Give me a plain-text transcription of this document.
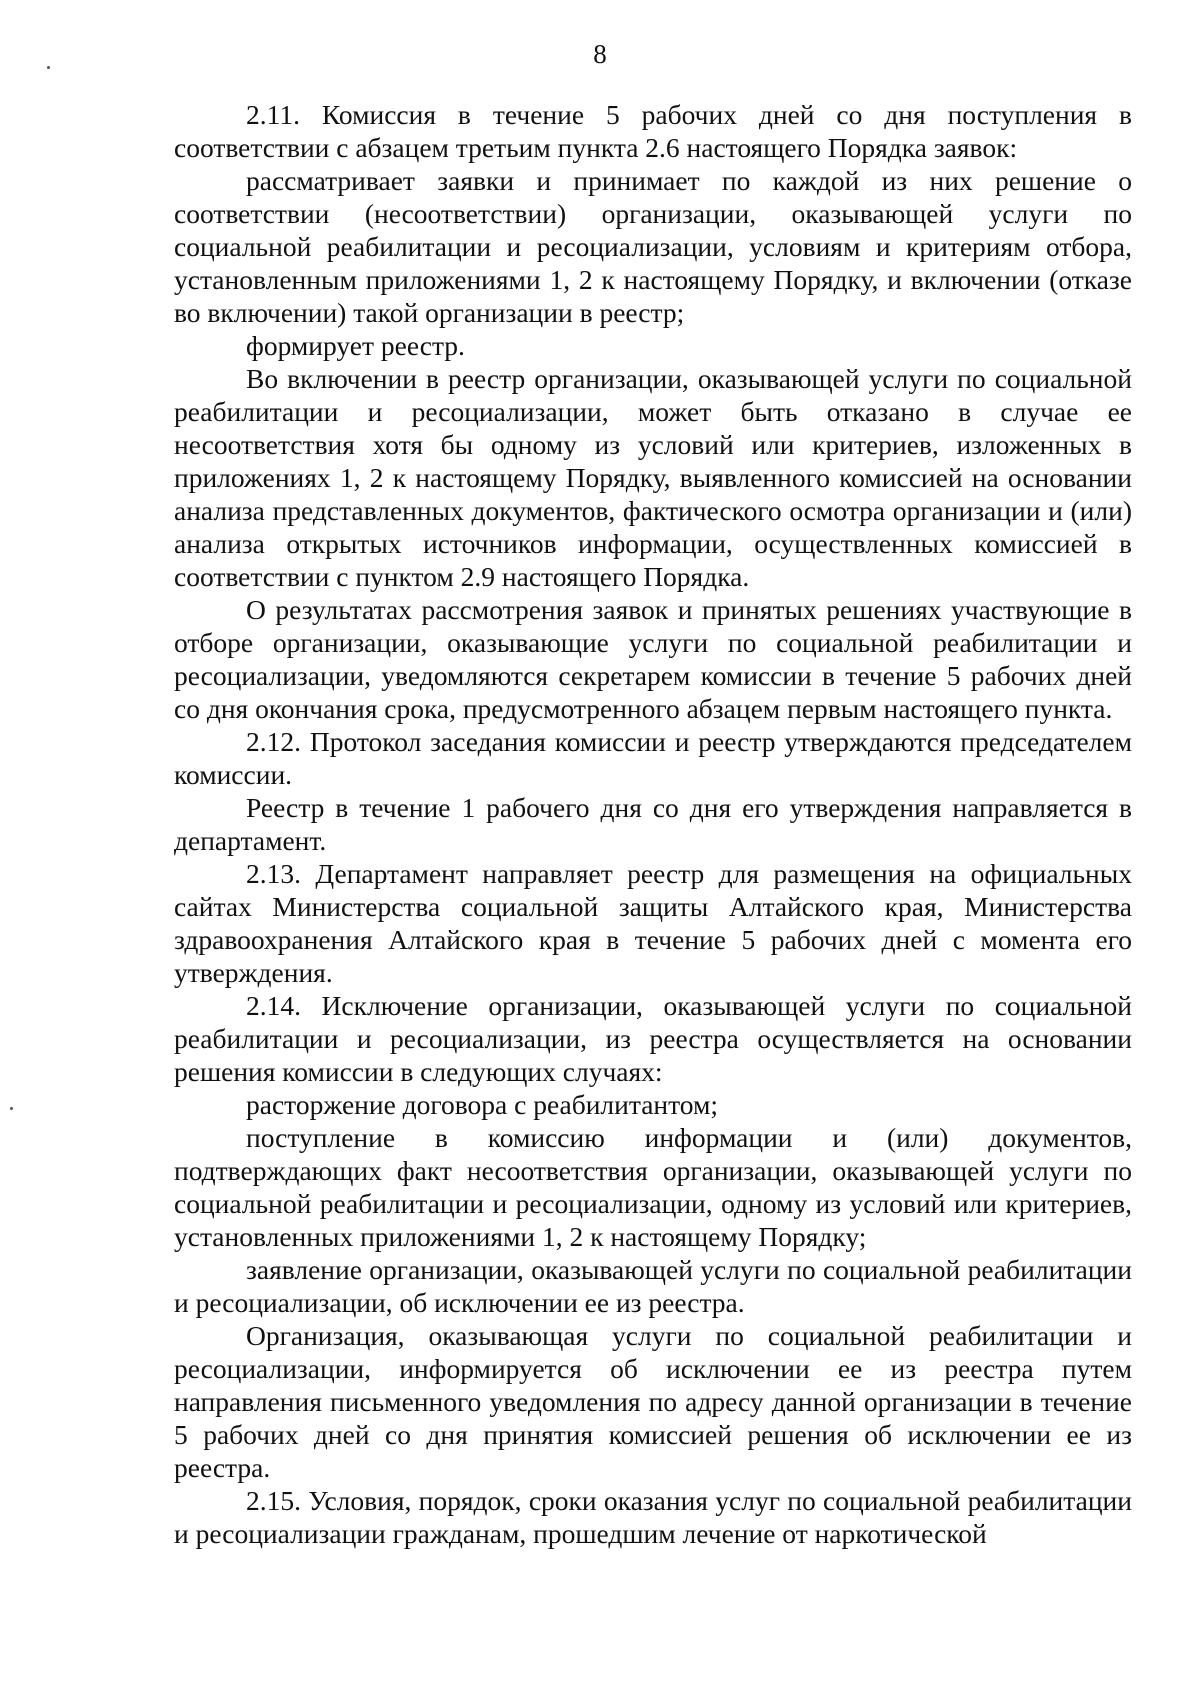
8

2.11. Комиссия в течение 5 рабочих дней со дня поступления в соответствии с абзацем третьим пункта 2.6 настоящего Порядка заявок:

рассматривает заявки и принимает по каждой из них решение о соответствии (несоответствии) организации, оказывающей услуги по социальной реабилитации и ресоциализации, условиям и критериям отбора, установленным приложениями 1, 2 к настоящему Порядку, и включении (отказе во включении) такой организации в реестр;

формирует реестр.

Во включении в реестр организации, оказывающей услуги по социальной реабилитации и ресоциализации, может быть отказано в случае ее несоответствия хотя бы одному из условий или критериев, изложенных в приложениях 1, 2 к настоящему Порядку, выявленного комиссией на основании анализа представленных документов, фактического осмотра организации и (или) анализа открытых источников информации, осуществленных комиссией в соответствии с пунктом 2.9 настоящего Порядка.

О результатах рассмотрения заявок и принятых решениях участвующие в отборе организации, оказывающие услуги по социальной реабилитации и ресоциализации, уведомляются секретарем комиссии в течение 5 рабочих дней со дня окончания срока, предусмотренного абзацем первым настоящего пункта.

2.12. Протокол заседания комиссии и реестр утверждаются председателем комиссии.

Реестр в течение 1 рабочего дня со дня его утверждения направляется в департамент.

2.13. Департамент направляет реестр для размещения на официальных сайтах Министерства социальной защиты Алтайского края, Министерства здравоохранения Алтайского края в течение 5 рабочих дней с момента его утверждения.

2.14. Исключение организации, оказывающей услуги по социальной реабилитации и ресоциализации, из реестра осуществляется на основании решения комиссии в следующих случаях:

расторжение договора с реабилитантом;

поступление в комиссию информации и (или) документов, подтверждающих факт несоответствия организации, оказывающей услуги по социальной реабилитации и ресоциализации, одному из условий или критериев, установленных приложениями 1, 2 к настоящему Порядку;

заявление организации, оказывающей услуги по социальной реабилитации и ресоциализации, об исключении ее из реестра.

Организация, оказывающая услуги по социальной реабилитации и ресоциализации, информируется об исключении ее из реестра путем направления письменного уведомления по адресу данной организации в течение 5 рабочих дней со дня принятия комиссией решения об исключении ее из реестра.

2.15. Условия, порядок, сроки оказания услуг по социальной реабилитации и ресоциализации гражданам, прошедшим лечение от наркотической
